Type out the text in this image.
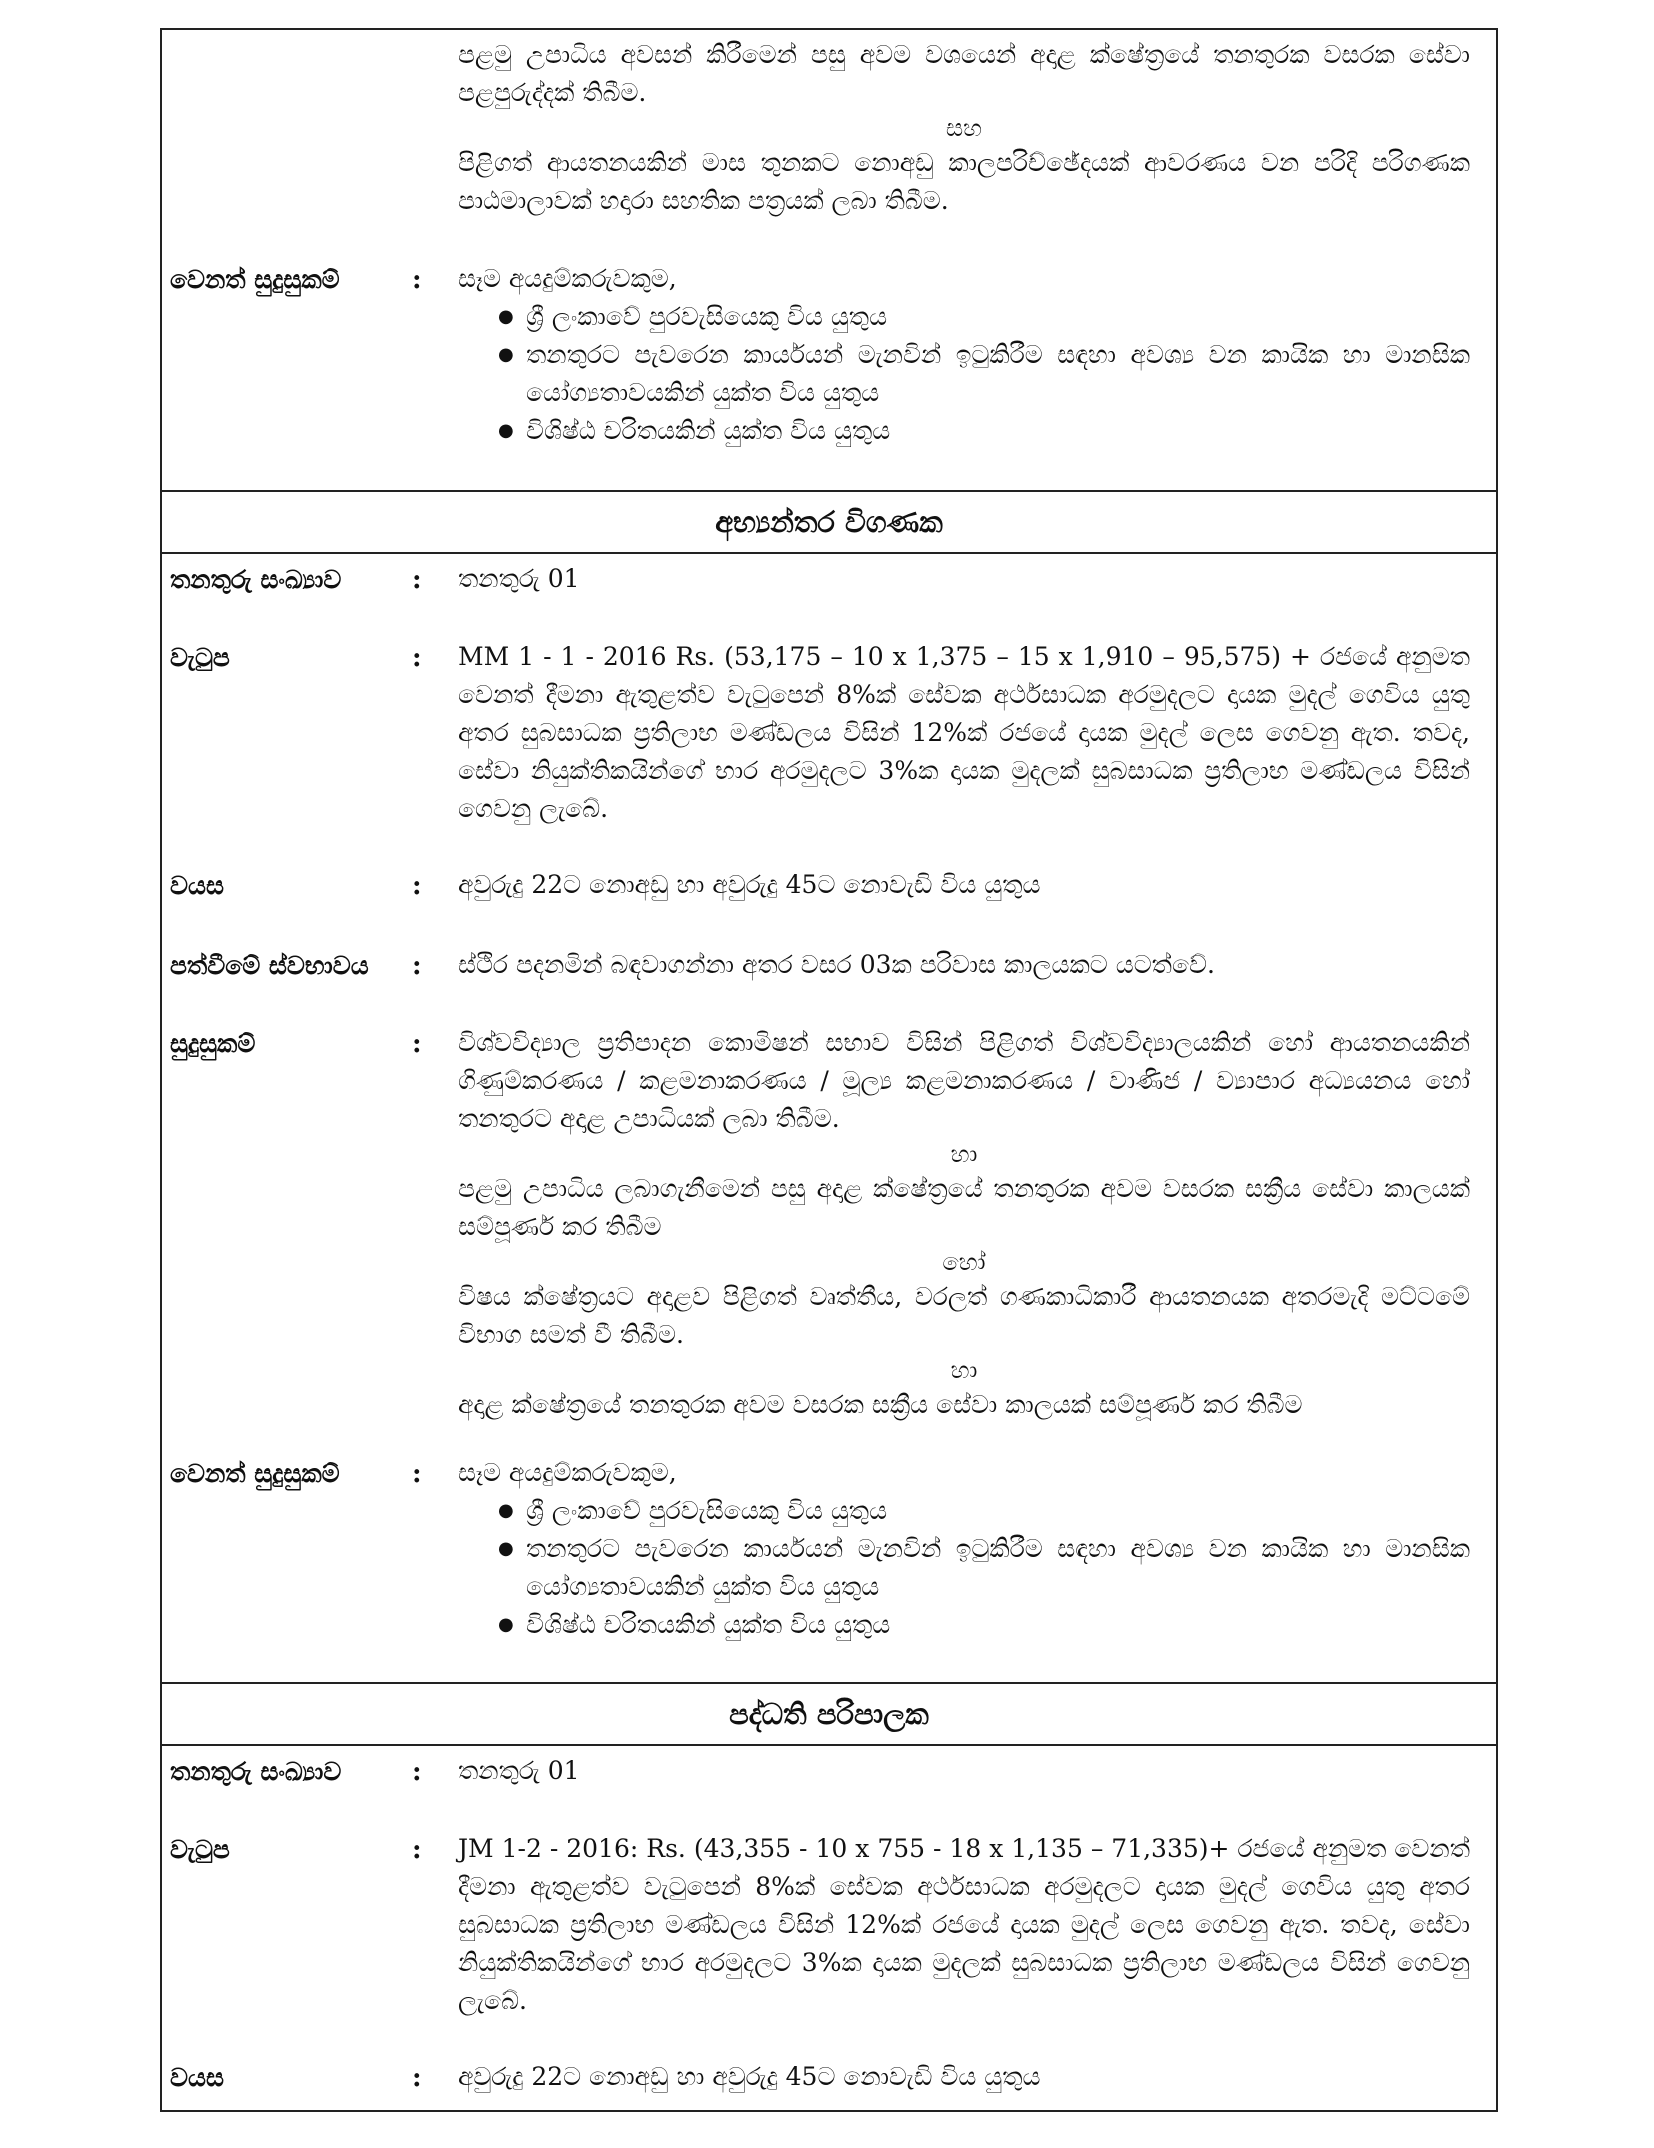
පළමු උපාධිය අවසන් කිරීමෙන් පසු අවම වශයෙන් අදාළ ක්ෂේත්‍රයේ තනතුරක වසරක සේවා පළපුරුද්දක් තිබීම.

සහ

පිළිගත් ආයතනයකින් මාස තුනකට නොඅඩු කාලපරිච්ඡේදයක් ආවරණය වන පරිදි පරිගණක පාඨමාලාවක් හදාරා සහතික පත්‍රයක් ලබා තිබීම.

වෙනත් සුදුසුකම්	: සෑම අයදුම්කරුවකුම,

● ශ්‍රී ලංකාවේ පුරවැසියෙකු විය යුතුය
● තනතුරට පැවරෙන කාර්යයන් මැනවින් ඉටුකිරීම සඳහා අවශ්‍ය වන කායික හා මානසික යෝග්‍යතාවයකින් යුක්ත විය යුතුය
● විශිෂ්ඨ චරිතයකින් යුක්ත විය යුතුය
අභ්‍යන්තර විගණක
තනතුරු සංඛ්‍යාව	: තනතුරු 01
වැටුප	: MM 1 - 1 - 2016 Rs. (53,175 – 10 x 1,375 – 15 x 1,910 – 95,575) + රජයේ අනුමත වෙනත් දීමනා ඇතුළත්ව වැටුපෙන් 8%ක් සේවක අර්ථසාධක අරමුදලට දායක මුදල් ගෙවිය යුතු අතර සුබසාධක ප්‍රතිලාභ මණ්ඩලය විසින් 12%ක් රජයේ දායක මුදල් ලෙස ගෙවනු ඇත. තවද, සේවා නියුක්තිකයින්ගේ භාර අරමුදලට 3%ක දායක මුදලක් සුබසාධක ප්‍රතිලාභ මණ්ඩලය විසින් ගෙවනු ලැබේ.
වයස	: අවුරුදු 22ට නොඅඩු හා අවුරුදු 45ට නොවැඩි විය යුතුය
පත්වීමේ ස්වභාවය : ස්ථිර පදනමින් බඳවාගන්නා අතර වසර 03ක පරිවාස කාලයකට යටත්වේ.
සුදුසුකම්	: විශ්වවිද්‍යාල ප්‍රතිපාදන කොමිෂන් සභාව විසින් පිළිගත් විශ්වවිද්‍යාලයකින් හෝ ආයතනයකින් ගිණුම්කරණය / කළමනාකරණය / මූල්‍ය කළමනාකරණය / වාණිජ / ව්‍යාපාර අධ්‍යයනය හෝ තනතුරට අදාළ උපාධියක් ලබා තිබීම.

හා

පළමු උපාධිය ලබාගැනීමෙන් පසු අදාළ ක්ෂේත්‍රයේ තනතුරක අවම වසරක සක්‍රීය සේවා කාලයක් සම්පූර්ණ කර තිබීම

හෝ

විෂය ක්ෂේත්‍රයට අදාළව පිළිගත් වෘත්තීය, වරලත් ගණකාධිකාරී ආයතනයක අතරමැදි මට්ටමේ විභාග සමත් වී තිබීම.

හා

අදාළ ක්ෂේත්‍රයේ තනතුරක අවම වසරක සක්‍රීය සේවා කාලයක් සම්පූර්ණ කර තිබීම

වෙනත් සුදුසුකම්	: සෑම අයදුම්කරුවකුම,

● ශ්‍රී ලංකාවේ පුරවැසියෙකු විය යුතුය
● තනතුරට පැවරෙන කාර්යයන් මැනවින් ඉටුකිරීම සඳහා අවශ්‍ය වන කායික හා මානසික යෝග්‍යතාවයකින් යුක්ත විය යුතුය
● විශිෂ්ඨ චරිතයකින් යුක්ත විය යුතුය
පද්ධති පරිපාලක
තනතුරු සංඛ්‍යාව	: තනතුරු 01
වැටුප	: JM 1-2 - 2016: Rs. (43,355 - 10 x 755 - 18 x 1,135 – 71,335)+ රජයේ අනුමත වෙනත් දීමනා ඇතුළත්ව වැටුපෙන් 8%ක් සේවක අර්ථසාධක අරමුදලට දායක මුදල් ගෙවිය යුතු අතර සුබසාධක ප්‍රතිලාභ මණ්ඩලය විසින් 12%ක් රජයේ දායක මුදල් ලෙස ගෙවනු ඇත. තවද, සේවා නියුක්තිකයින්ගේ භාර අරමුදලට 3%ක දායක මුදලක් සුබසාධක ප්‍රතිලාභ මණ්ඩලය විසින් ගෙවනු ලැබේ.
වයස	: අවුරුදු 22ට නොඅඩු හා අවුරුදු 45ට නොවැඩි විය යුතුය
